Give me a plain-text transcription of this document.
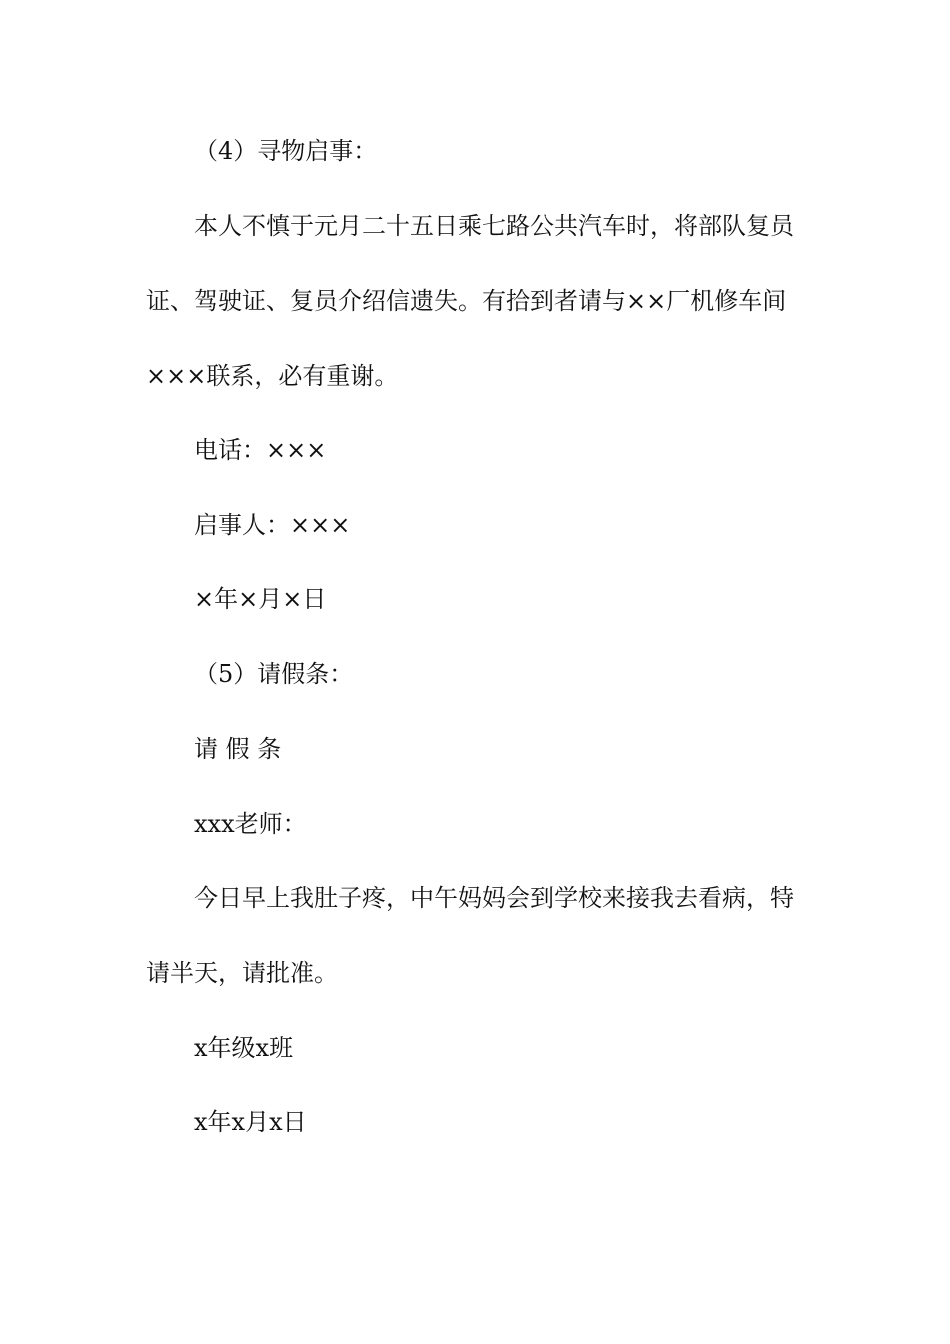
（4）寻物启事：
本人不慎于元月二十五日乘七路公共汽车时，将部队复员
证、驾驶证、复员介绍信遗失。有拾到者请与××厂机修车间
×××联系，必有重谢。
电话：×××
启事人：×××
×年×月×日
（5）请假条：
请 假 条
xxx老师：
今日早上我肚子疼，中午妈妈会到学校来接我去看病，特
请半天，请批准。
x年级x班
x年x月x日
